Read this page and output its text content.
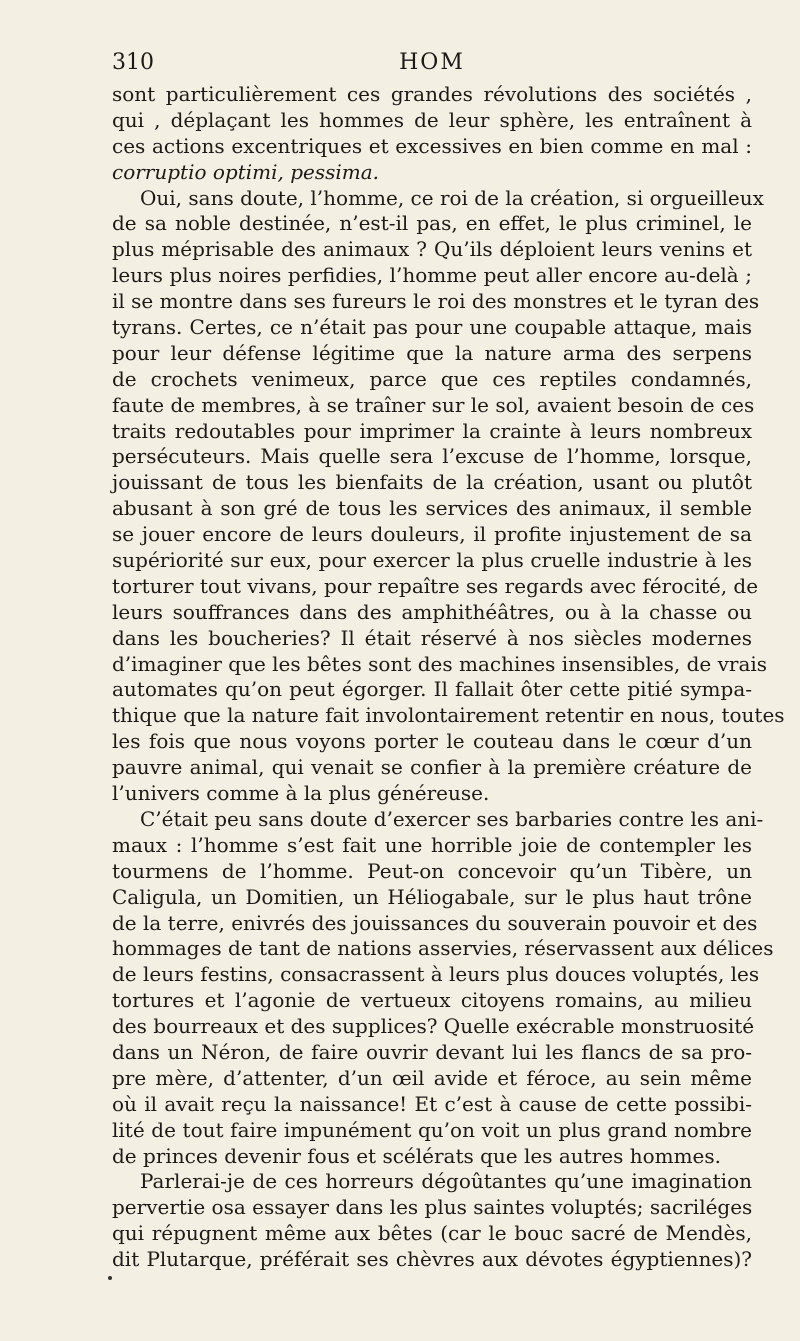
310	HOM
sont particulièrement ces grandes révolutions des sociétés ,
qui , déplaçant les hommes de leur sphère, les entraînent à
ces actions excentriques et excessives en bien comme en mal :
corruptio optimi, pessima.
Oui, sans doute, l’homme, ce roi de la création, si orgueilleux
de sa noble destinée, n’est-il pas, en effet, le plus criminel, le
plus méprisable des animaux ? Qu’ils déploient leurs venins et
leurs plus noires perfidies, l’homme peut aller encore au-delà ;
il se montre dans ses fureurs le roi des monstres et le tyran des
tyrans. Certes, ce n’était pas pour une coupable attaque, mais
pour leur défense légitime que la nature arma des serpens
de crochets venimeux, parce que ces reptiles condamnés,
faute de membres, à se traîner sur le sol, avaient besoin de ces
traits redoutables pour imprimer la crainte à leurs nombreux
persécuteurs. Mais quelle sera l’excuse de l’homme, lorsque,
jouissant de tous les bienfaits de la création, usant ou plutôt
abusant à son gré de tous les services des animaux, il semble
se jouer encore de leurs douleurs, il profite injustement de sa
supériorité sur eux, pour exercer la plus cruelle industrie à les
torturer tout vivans, pour repaître ses regards avec férocité, de
leurs souffrances dans des amphithéâtres, ou à la chasse ou
dans les boucheries? Il était réservé à nos siècles modernes
d’imaginer que les bêtes sont des machines insensibles, de vrais
automates qu’on peut égorger. Il fallait ôter cette pitié sympa-
thique que la nature fait involontairement retentir en nous, toutes
les fois que nous voyons porter le couteau dans le cœur d’un
pauvre animal, qui venait se confier à la première créature de
l’univers comme à la plus généreuse.
C’était peu sans doute d’exercer ses barbaries contre les ani-
maux : l’homme s’est fait une horrible joie de contempler les
tourmens de l’homme. Peut-on concevoir qu’un Tibère, un
Caligula, un Domitien, un Héliogabale, sur le plus haut trône
de la terre, enivrés des jouissances du souverain pouvoir et des
hommages de tant de nations asservies, réservassent aux délices
de leurs festins, consacrassent à leurs plus douces voluptés, les
tortures et l’agonie de vertueux citoyens romains, au milieu
des bourreaux et des supplices? Quelle exécrable monstruosité
dans un Néron, de faire ouvrir devant lui les flancs de sa pro-
pre mère, d’attenter, d’un œil avide et féroce, au sein même
où il avait reçu la naissance! Et c’est à cause de cette possibi-
lité de tout faire impunément qu’on voit un plus grand nombre
de princes devenir fous et scélérats que les autres hommes.
Parlerai-je de ces horreurs dégoûtantes qu’une imagination
pervertie osa essayer dans les plus saintes voluptés; sacriléges
qui répugnent même aux bêtes (car le bouc sacré de Mendès,
dit Plutarque, préférait ses chèvres aux dévotes égyptiennes)?
